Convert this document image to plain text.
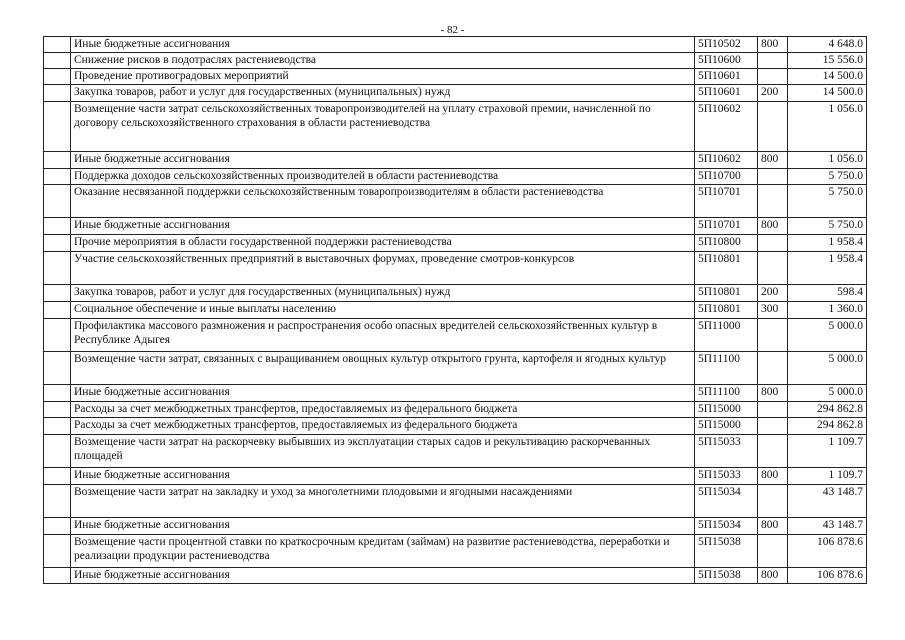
- 82 -
	Иные бюджетные ассигнования	5П10502	800	4 648.0
	Снижение рисков в подотраслях растениеводства	5П10600		15 556.0
	Проведение противоградовых мероприятий	5П10601		14 500.0
	Закупка товаров, работ и услуг для государственных (муниципальных) нужд	5П10601	200	14 500.0
	Возмещение части затрат сельскохозяйственных товаропроизводителей на уплату страховой премии, начисленной по договору сельскохозяйственного страхования в области растениеводства	5П10602		1 056.0
	Иные бюджетные ассигнования	5П10602	800	1 056.0
	Поддержка доходов сельскохозяйственных производителей в области растениеводства	5П10700		5 750.0
	Оказание несвязанной поддержки сельскохозяйственным товаропроизводителям в области растениеводства	5П10701		5 750.0
	Иные бюджетные ассигнования	5П10701	800	5 750.0
	Прочие мероприятия в области государственной поддержки растениеводства	5П10800		1 958.4
	Участие сельскохозяйственных предприятий в выставочных форумах, проведение смотров-конкурсов	5П10801		1 958.4
	Закупка товаров, работ и услуг для государственных (муниципальных) нужд	5П10801	200	598.4
	Социальное обеспечение и иные выплаты населению	5П10801	300	1 360.0
	Профилактика массового размножения и распространения особо опасных вредителей сельскохозяйственных культур в Республике Адыгея	5П11000		5 000.0
	Возмещение части затрат, связанных с выращиванием овощных культур открытого грунта, картофеля и ягодных культур	5П11100		5 000.0
	Иные бюджетные ассигнования	5П11100	800	5 000.0
	Расходы за счет межбюджетных трансфертов, предоставляемых из федерального бюджета	5П15000		294 862.8
	Расходы за счет межбюджетных трансфертов, предоставляемых из федерального бюджета	5П15000		294 862.8
	Возмещение части затрат на раскорчевку выбывших из эксплуатации старых садов и рекультивацию раскорчеванных площадей	5П15033		1 109.7
	Иные бюджетные ассигнования	5П15033	800	1 109.7
	Возмещение части затрат на закладку и уход за многолетними плодовыми и ягодными насаждениями	5П15034		43 148.7
	Иные бюджетные ассигнования	5П15034	800	43 148.7
	Возмещение части процентной ставки по краткосрочным кредитам (займам) на развитие растениеводства, переработки и реализации продукции растениеводства	5П15038		106 878.6
	Иные бюджетные ассигнования	5П15038	800	106 878.6
